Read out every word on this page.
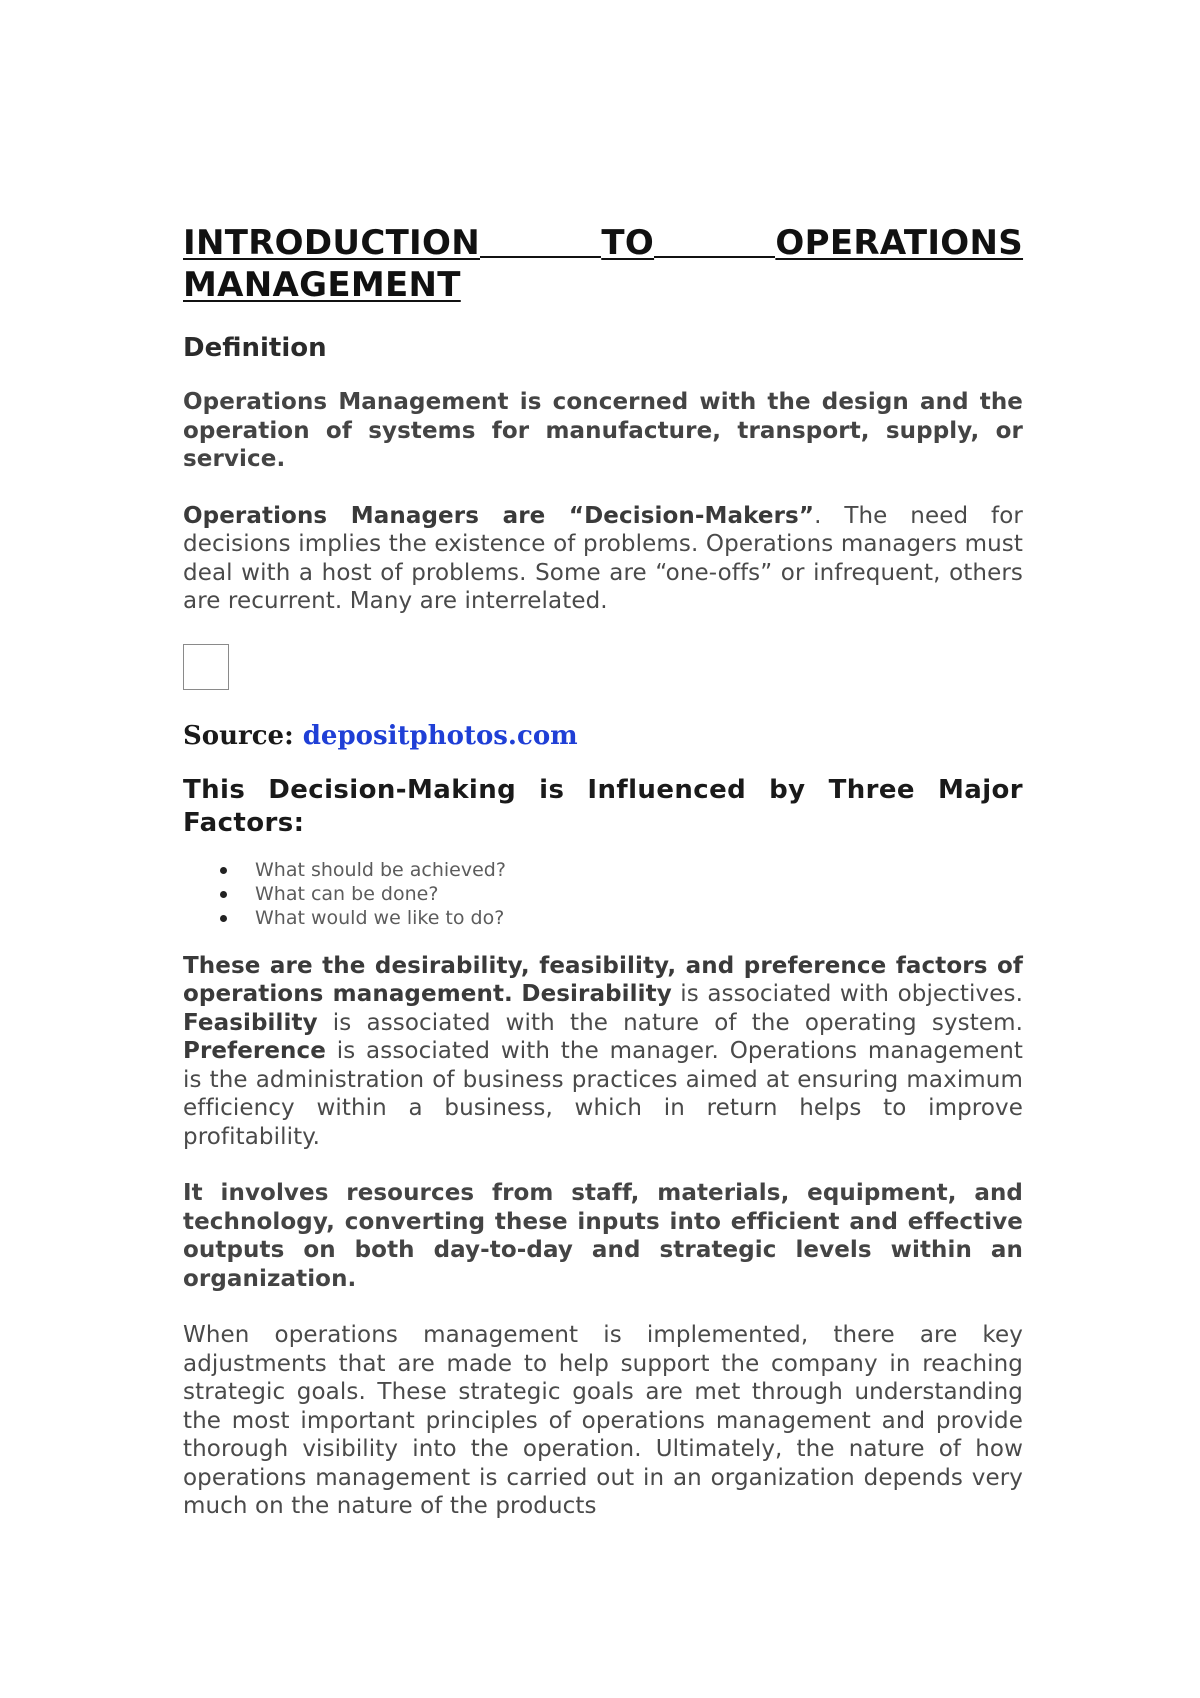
INTRODUCTION	TO	OPERATIONS
MANAGEMENT
Definition

Operations Management is concerned with the design and the operation of systems for manufacture, transport, supply, or service.

Operations Managers are “Decision-Makers”. The need for decisions implies the existence of problems. Operations managers must deal with a host of problems. Some are “one-offs” or infrequent, others are recurrent. Many are interrelated.

Source: depositphotos.com
This Decision-Making is Influenced by Three Major Factors:
What should be achieved?
What can be done?
What would we like to do?

These are the desirability, feasibility, and preference factors of operations management. Desirability is associated with objectives. Feasibility is associated with the nature of the operating system. Preference is associated with the manager. Operations management is the administration of business practices aimed at ensuring maximum efficiency within a business, which in return helps to improve profitability.

It involves resources from staff, materials, equipment, and technology, converting these inputs into efficient and effective outputs on both day-to-day and strategic levels within an organization.

When operations management is implemented, there are key adjustments that are made to help support the company in reaching strategic goals. These strategic goals are met through understanding the most important principles of operations management and provide thorough visibility into the operation. Ultimately, the nature of how operations management is carried out in an organization depends very much on the nature of the products
